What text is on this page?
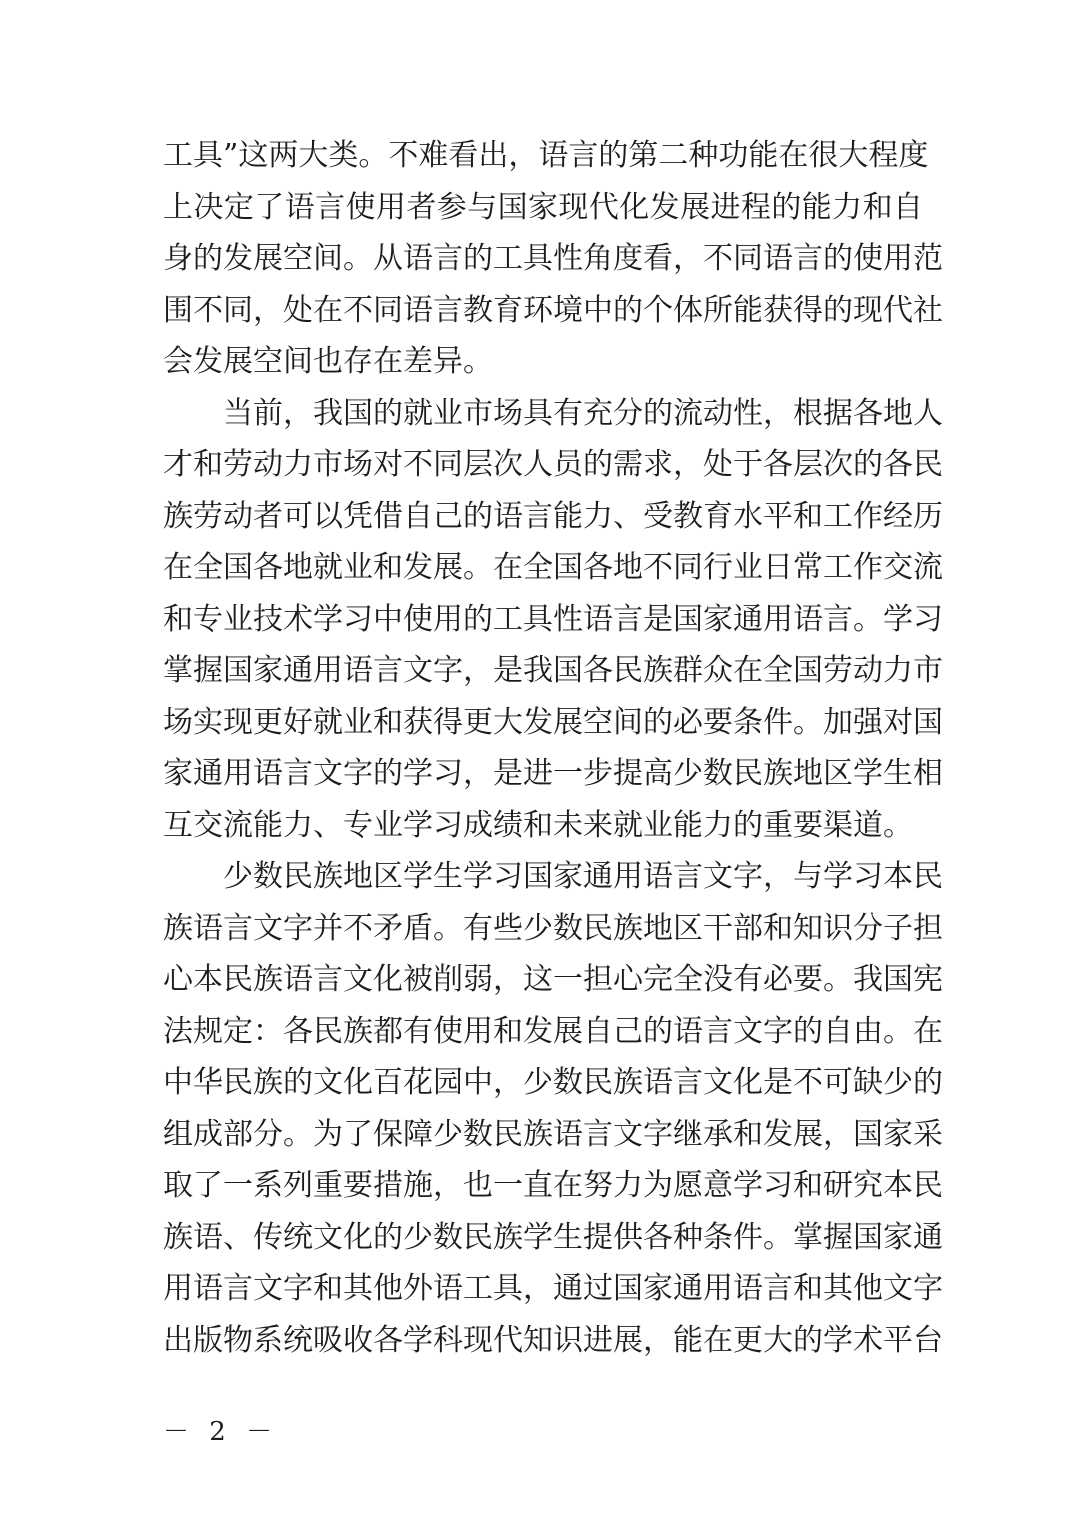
工具”这两大类。不难看出，语言的第二种功能在很大程度
上决定了语言使用者参与国家现代化发展进程的能力和自
身的发展空间。从语言的工具性角度看，不同语言的使用范
围不同，处在不同语言教育环境中的个体所能获得的现代社
会发展空间也存在差异。
当前，我国的就业市场具有充分的流动性，根据各地人
才和劳动力市场对不同层次人员的需求，处于各层次的各民
族劳动者可以凭借自己的语言能力、受教育水平和工作经历
在全国各地就业和发展。在全国各地不同行业日常工作交流
和专业技术学习中使用的工具性语言是国家通用语言。学习
掌握国家通用语言文字，是我国各民族群众在全国劳动力市
场实现更好就业和获得更大发展空间的必要条件。加强对国
家通用语言文字的学习，是进一步提高少数民族地区学生相
互交流能力、专业学习成绩和未来就业能力的重要渠道。
少数民族地区学生学习国家通用语言文字，与学习本民
族语言文字并不矛盾。有些少数民族地区干部和知识分子担
心本民族语言文化被削弱，这一担心完全没有必要。我国宪
法规定：各民族都有使用和发展自己的语言文字的自由。在
中华民族的文化百花园中，少数民族语言文化是不可缺少的
组成部分。为了保障少数民族语言文字继承和发展，国家采
取了一系列重要措施，也一直在努力为愿意学习和研究本民
族语、传统文化的少数民族学生提供各种条件。掌握国家通
用语言文字和其他外语工具，通过国家通用语言和其他文字
出版物系统吸收各学科现代知识进展，能在更大的学术平台
－ 2 －
